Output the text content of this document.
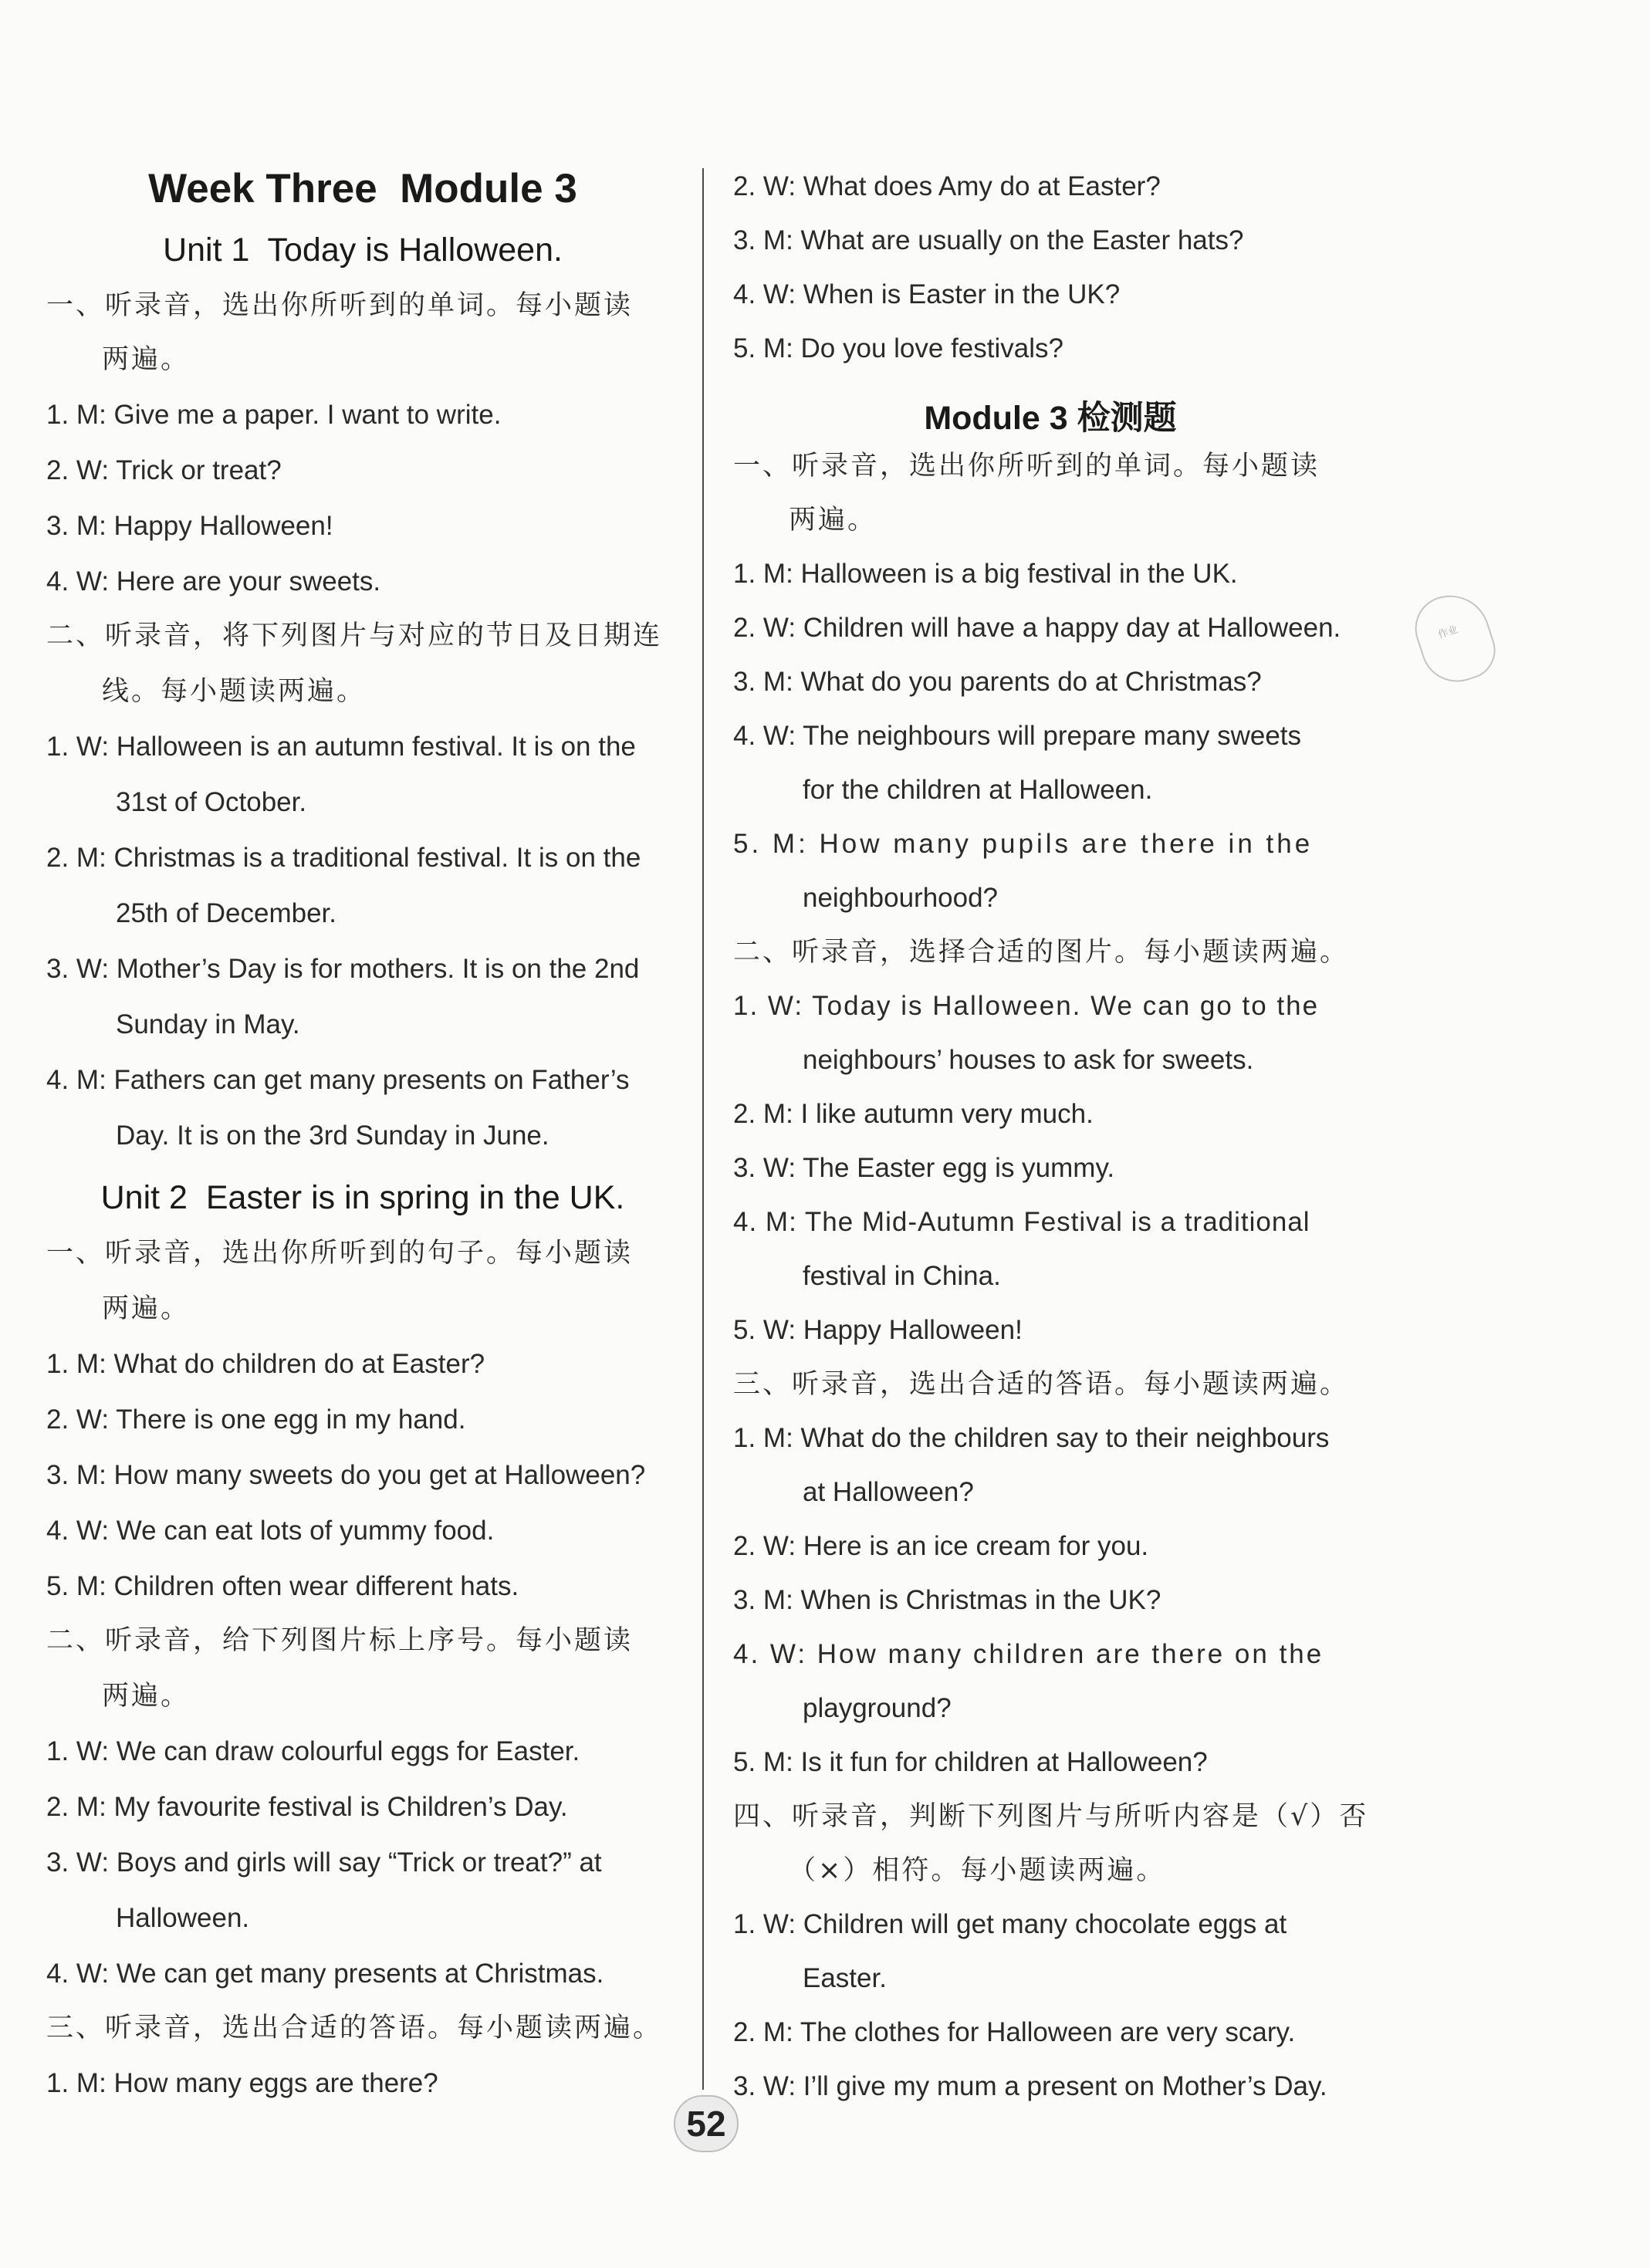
Week Three  Module 3
Unit 1  Today is Halloween.
一、听录音，选出你所听到的单词。每小题读
两遍。
1. M: Give me a paper. I want to write.
2. W: Trick or treat?
3. M: Happy Halloween!
4. W: Here are your sweets.
二、听录音，将下列图片与对应的节日及日期连
线。每小题读两遍。
1. W: Halloween is an autumn festival. It is on the
31st of October.
2. M: Christmas is a traditional festival. It is on the
25th of December.
3. W: Mother’s Day is for mothers. It is on the 2nd
Sunday in May.
4. M: Fathers can get many presents on Father’s
Day. It is on the 3rd Sunday in June.
Unit 2  Easter is in spring in the UK.
一、听录音，选出你所听到的句子。每小题读
两遍。
1. M: What do children do at Easter?
2. W: There is one egg in my hand.
3. M: How many sweets do you get at Halloween?
4. W: We can eat lots of yummy food.
5. M: Children often wear different hats.
二、听录音，给下列图片标上序号。每小题读
两遍。
1. W: We can draw colourful eggs for Easter.
2. M: My favourite festival is Children’s Day.
3. W: Boys and girls will say “Trick or treat?” at
Halloween.
4. W: We can get many presents at Christmas.
三、听录音，选出合适的答语。每小题读两遍。
1. M: How many eggs are there?
2. W: What does Amy do at Easter?
3. M: What are usually on the Easter hats?
4. W: When is Easter in the UK?
5. M: Do you love festivals?
Module 3 检测题
一、听录音，选出你所听到的单词。每小题读
两遍。
1. M: Halloween is a big festival in the UK.
2. W: Children will have a happy day at Halloween.
3. M: What do you parents do at Christmas?
4. W: The neighbours will prepare many sweets
for the children at Halloween.
5. M: How many pupils are there in the
neighbourhood?
二、听录音，选择合适的图片。每小题读两遍。
1. W: Today is Halloween. We can go to the
neighbours’ houses to ask for sweets.
2. M: I like autumn very much.
3. W: The Easter egg is yummy.
4. M: The Mid-Autumn Festival is a traditional
festival in China.
5. W: Happy Halloween!
三、听录音，选出合适的答语。每小题读两遍。
1. M: What do the children say to their neighbours
at Halloween?
2. W: Here is an ice cream for you.
3. M: When is Christmas in the UK?
4. W: How many children are there on the
playground?
5. M: Is it fun for children at Halloween?
四、听录音，判断下列图片与所听内容是（√）否
（×）相符。每小题读两遍。
1. W: Children will get many chocolate eggs at
Easter.
2. M: The clothes for Halloween are very scary.
3. W: I’ll give my mum a present on Mother’s Day.
作业
52
